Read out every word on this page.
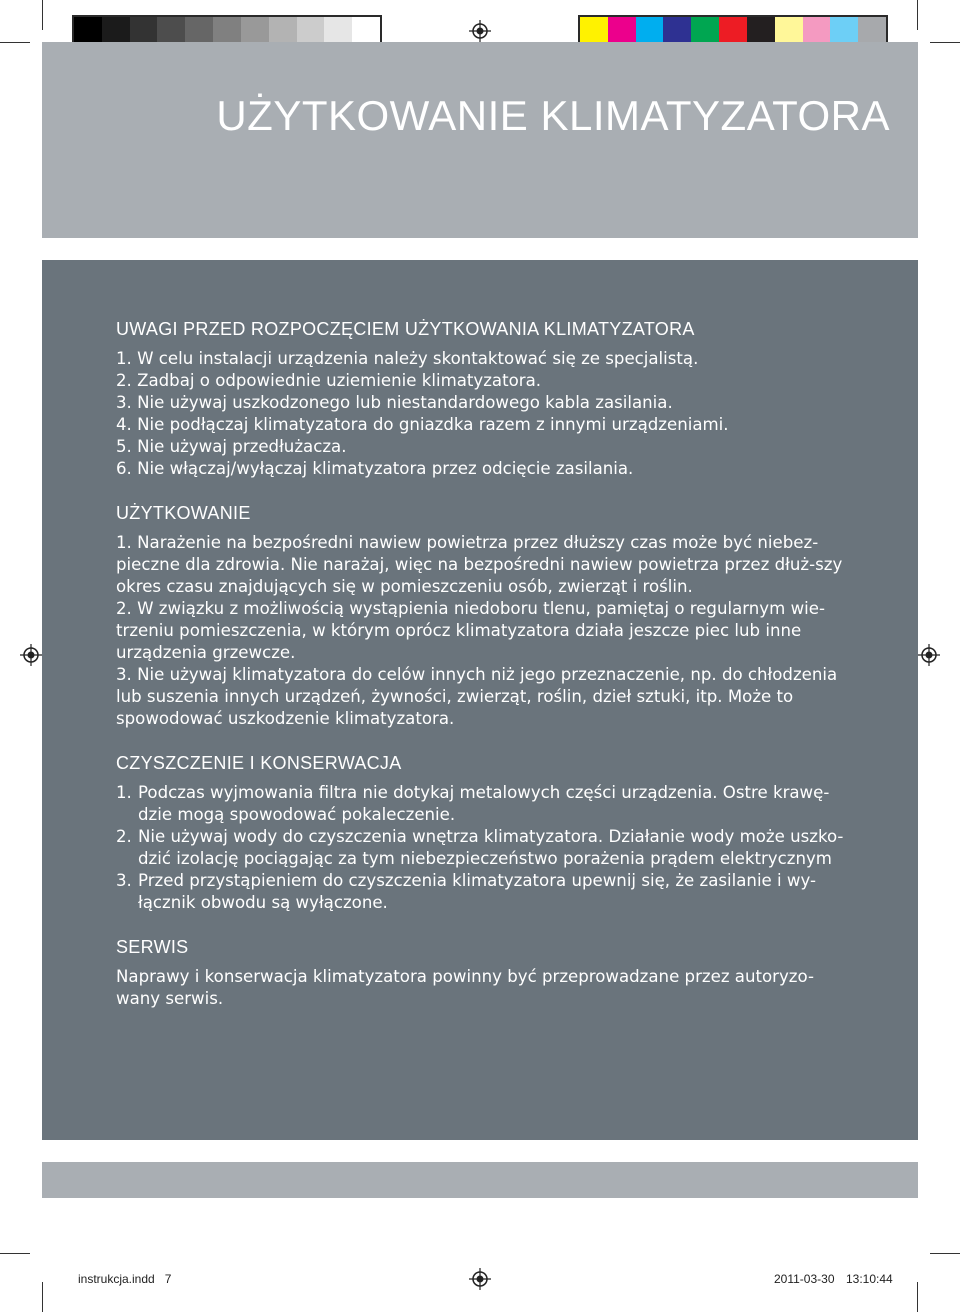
UŻYTKOWANIE KLIMATYZATORA
UWAGI PRZED ROZPOCZĘCIEM UŻYTKOWANIA KLIMATYZATORA

1. W celu instalacji urządzenia należy skontaktować się ze specjalistą.

2. Zadbaj o odpowiednie uziemienie klimatyzatora.

3. Nie używaj uszkodzonego lub niestandardowego kabla zasilania.

4. Nie podłączaj klimatyzatora do gniazdka razem z innymi urządzeniami.

5. Nie używaj przedłużacza.

6. Nie włączaj/wyłączaj klimatyzatora przez odcięcie zasilania.

UŻYTKOWANIE

1. Narażenie na bezpośredni nawiew powietrza przez dłuższy czas może być niebez-pieczne dla zdrowia. Nie narażaj, więc na bezpośredni nawiew powietrza przez dłuż-szy okres czasu znajdujących się w pomieszczeniu osób, zwierząt i roślin.

2. W związku z możliwością wystąpienia niedoboru tlenu, pamiętaj o regularnym wie-trzeniu pomieszczenia, w którym oprócz klimatyzatora działa jeszcze piec lub inne urządzenia grzewcze.

3. Nie używaj klimatyzatora do celów innych niż jego przeznaczenie, np. do chłodzenia lub suszenia innych urządzeń, żywności, zwierząt, roślin, dzieł sztuki, itp. Może to spowodować uszkodzenie klimatyzatora.

CZYSZCZENIE I KONSERWACJA
1. Podczas wyjmowania filtra nie dotykaj metalowych części urządzenia. Ostre krawę-dzie mogą spowodować pokaleczenie.
2. Nie używaj wody do czyszczenia wnętrza klimatyzatora. Działanie wody może uszko-dzić izolację pociągając za tym niebezpieczeństwo porażenia prądem elektrycznym
3. Przed przystąpieniem do czyszczenia klimatyzatora upewnij się, że zasilanie i wy-łącznik obwodu są wyłączone.
SERWIS

Naprawy i konserwacja klimatyzatora powinny być przeprowadzane przez autoryzo-wany serwis.

instrukcja.indd   7	2011-03-30 13:10:44
